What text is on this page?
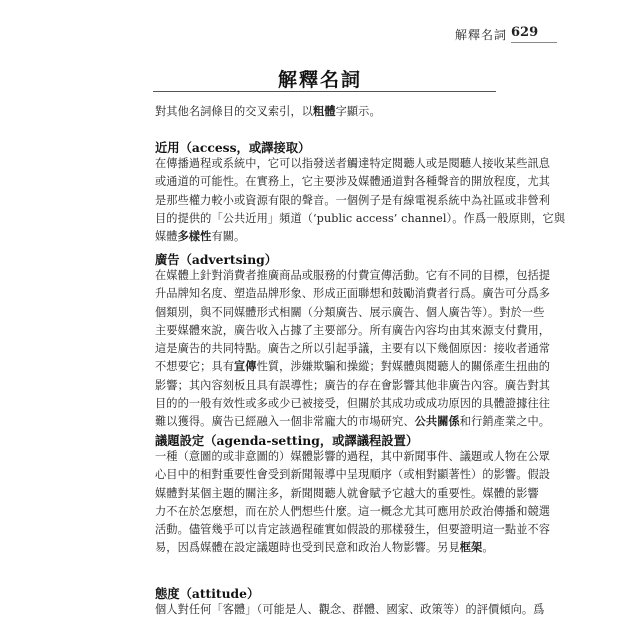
解釋名詞 629
解釋名詞
對其他名詞條目的交叉索引，以粗體字顯示。
近用（access，或譯接取）
在傳播過程或系統中，它可以指發送者觸達特定閱聽人或是閱聽人接收某些訊息
或通道的可能性。在實務上，它主要涉及媒體通道對各種聲音的開放程度，尤其
是那些權力較小或資源有限的聲音。一個例子是有線電視系統中為社區或非營利
目的提供的「公共近用」頻道（‘public access’ channel）。作爲一般原則，它與
媒體多樣性有關。
廣告（advertsing）
在媒體上針對消費者推廣商品或服務的付費宣傳活動。它有不同的目標，包括提
升品牌知名度、塑造品牌形象、形成正面聯想和鼓勵消費者行爲。廣告可分爲多
個類別，與不同媒體形式相關（分類廣告、展示廣告、個人廣告等）。對於一些
主要媒體來說，廣告收入占據了主要部分。所有廣告內容均由其來源支付費用，
這是廣告的共同特點。廣告之所以引起爭議，主要有以下幾個原因：接收者通常
不想要它；具有宣傳性質，涉嫌欺騙和操縱；對媒體與閱聽人的關係產生扭曲的
影響；其內容刻板且具有誤導性；廣告的存在會影響其他非廣告內容。廣告對其
目的的一般有效性或多或少已被接受，但關於其成功或成功原因的具體證據往往
難以獲得。廣告已經融入一個非常龐大的市場研究、公共關係和行銷產業之中。
議題設定（agenda-setting，或譯議程設置）
一種（意圖的或非意圖的）媒體影響的過程，其中新聞事件、議題或人物在公眾
心目中的相對重要性會受到新聞報導中呈現順序（或相對顯著性）的影響。假設
媒體對某個主題的關注多，新聞閱聽人就會賦予它越大的重要性。媒體的影響
力不在於怎麼想，而在於人們想些什麼。這一概念尤其可應用於政治傳播和競選
活動。儘管幾乎可以肯定該過程確實如假設的那樣發生，但要證明這一點並不容
易，因爲媒體在設定議題時也受到民意和政治人物影響。另見框架。
態度（attitude）
個人對任何「客體」（可能是人、觀念、群體、國家、政策等）的評價傾向。爲
